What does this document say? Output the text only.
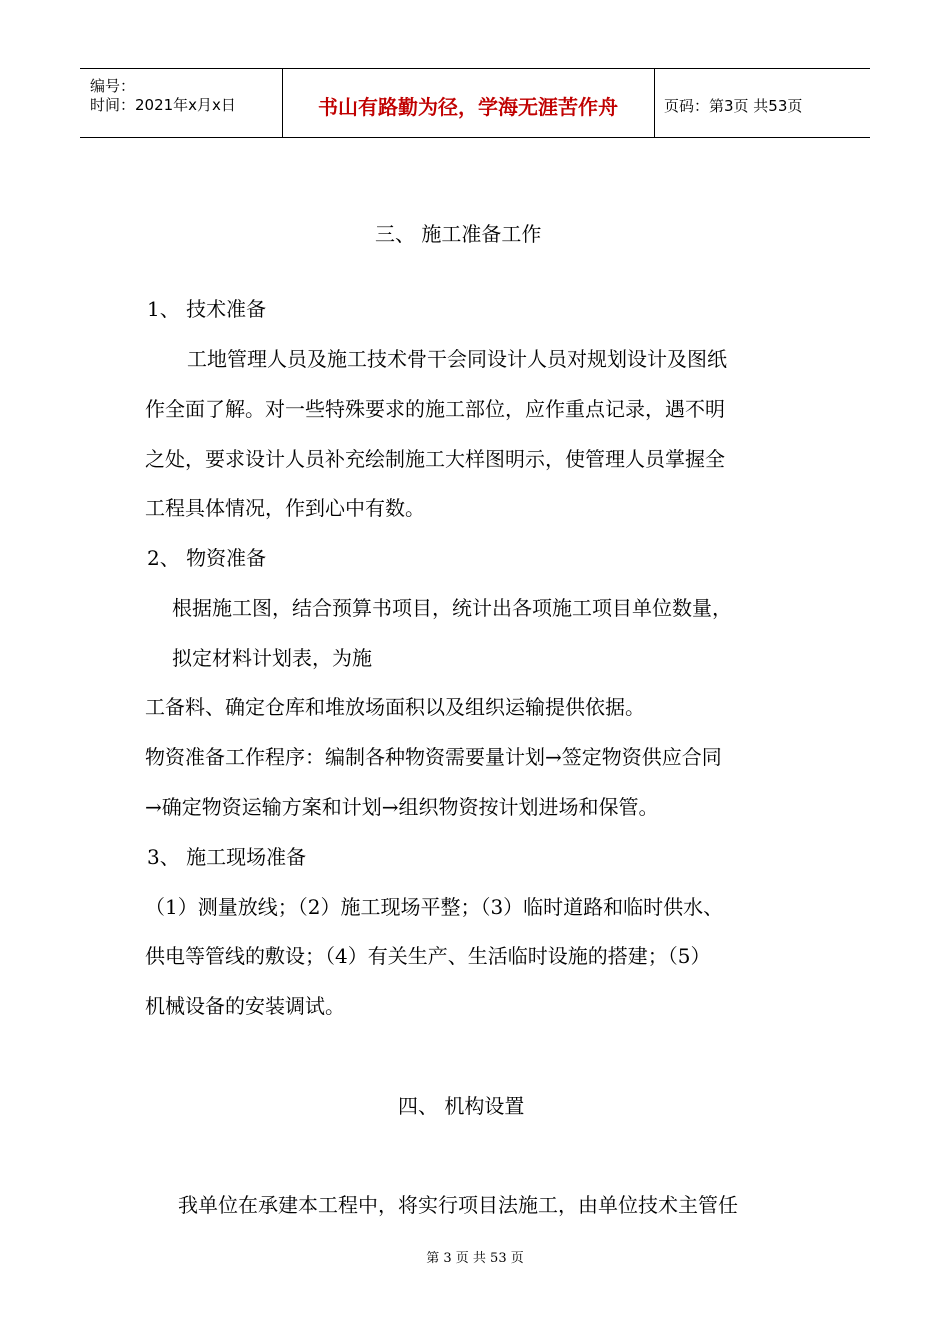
编号：
时间：2021年x月x日	书山有路勤为径，学海无涯苦作舟	页码：第3页 共53页
三、 施工准备工作
1、 技术准备
工地管理人员及施工技术骨干会同设计人员对规划设计及图纸
作全面了解。对一些特殊要求的施工部位，应作重点记录，遇不明
之处，要求设计人员补充绘制施工大样图明示，使管理人员掌握全
工程具体情况，作到心中有数。
2、 物资准备
根据施工图，结合预算书项目，统计出各项施工项目单位数量，
拟定材料计划表，为施
工备料、确定仓库和堆放场面积以及组织运输提供依据。
物资准备工作程序：编制各种物资需要量计划→签定物资供应合同
→确定物资运输方案和计划→组织物资按计划进场和保管。
3、 施工现场准备
（1）测量放线；（2）施工现场平整；（3）临时道路和临时供水、
供电等管线的敷设；（4）有关生产、生活临时设施的搭建；（5）
机械设备的安装调试。
四、 机构设置
我单位在承建本工程中，将实行项目法施工，由单位技术主管任
第 3 页 共 53 页
